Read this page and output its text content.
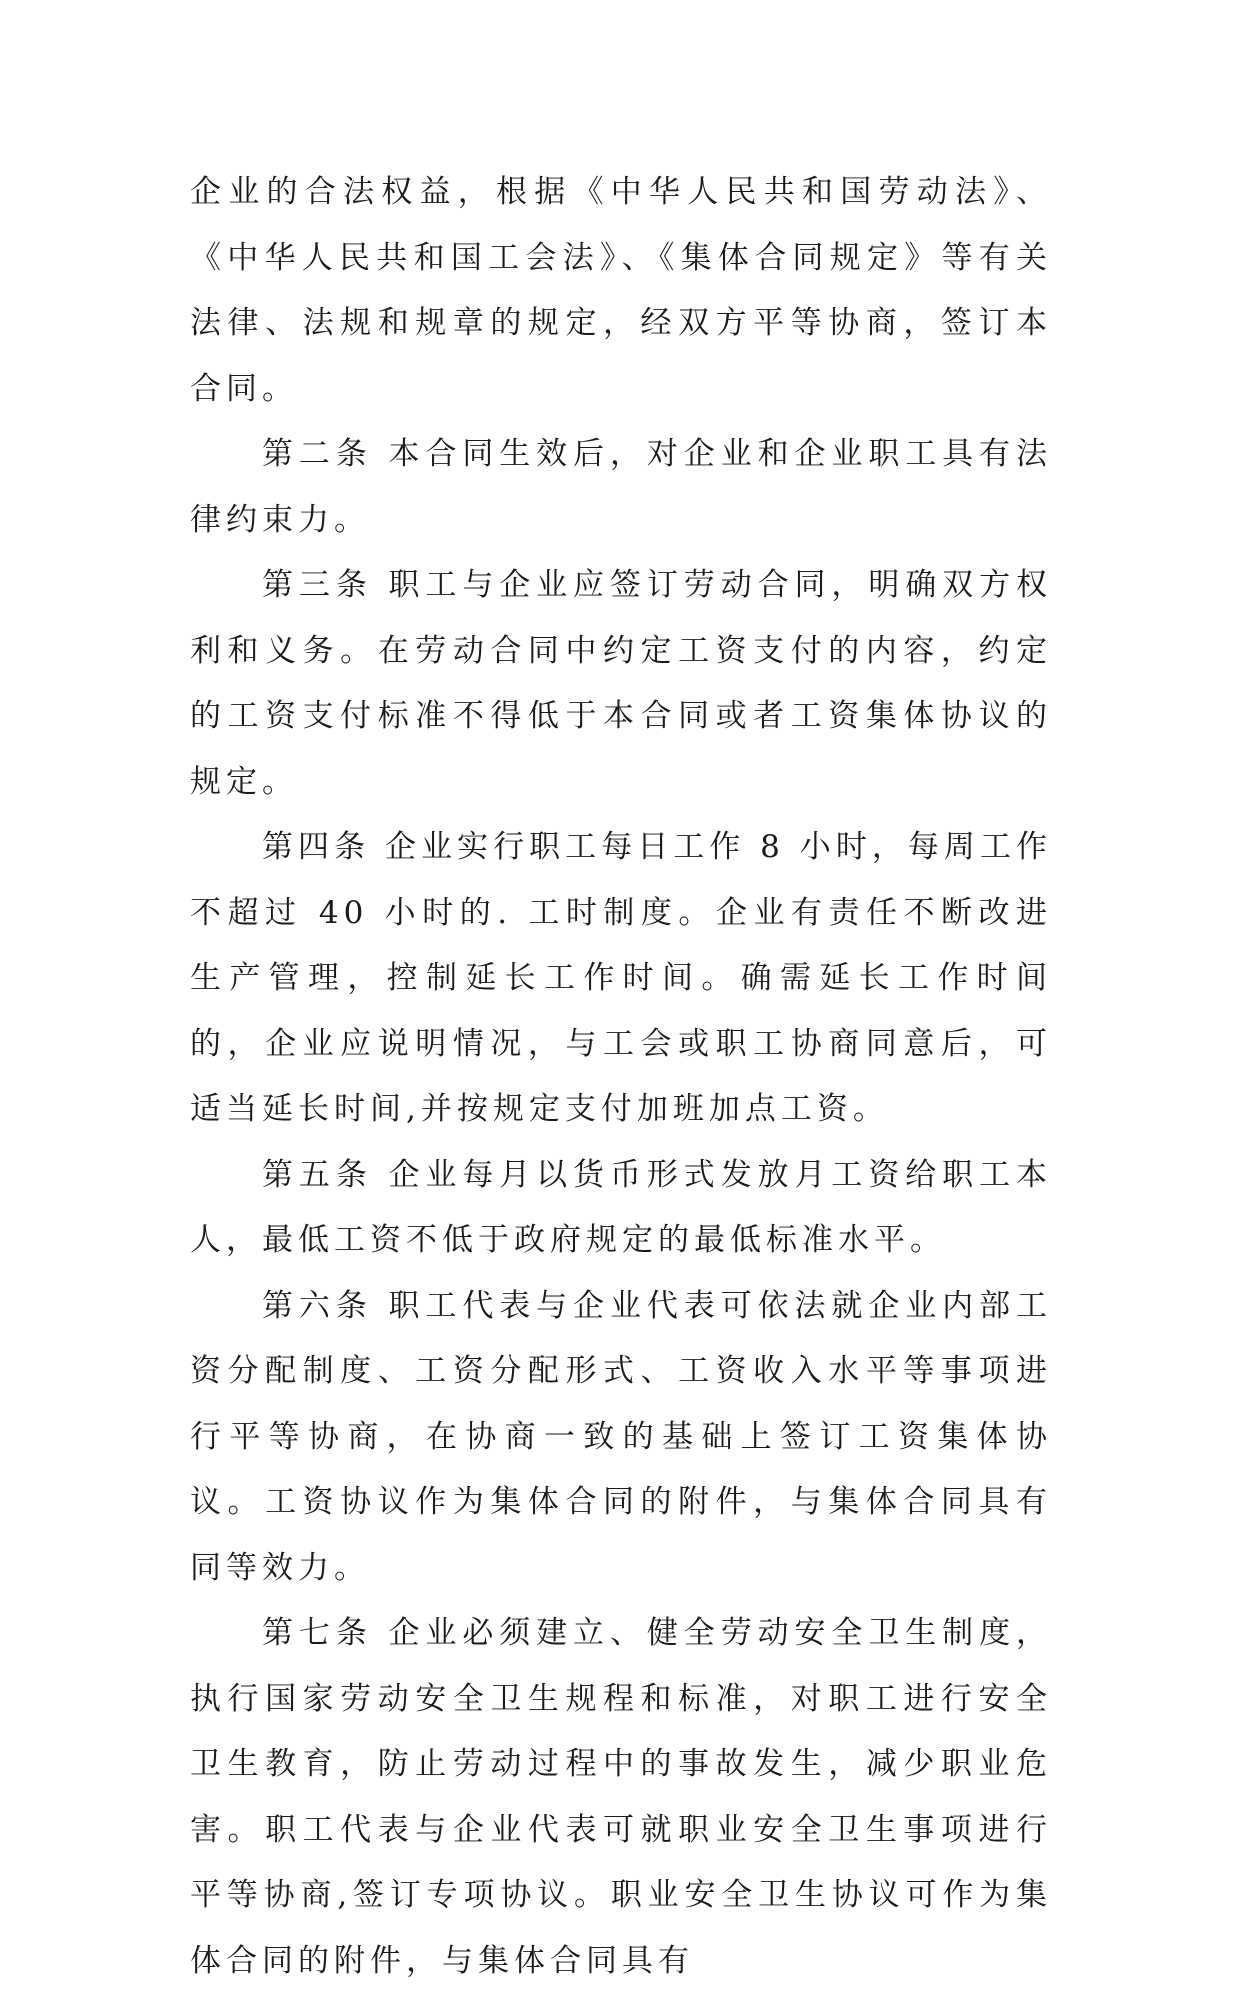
企业的合法权益，根据《中华人民共和国劳动法》、《中华人民共和国工会法》、《集体合同规定》等有关法律、法规和规章的规定，经双方平等协商，签订本合同。

第二条 本合同生效后，对企业和企业职工具有法律约束力。

第三条 职工与企业应签订劳动合同，明确双方权利和义务。在劳动合同中约定工资支付的内容，约定的工资支付标准不得低于本合同或者工资集体协议的规定。

第四条 企业实行职工每日工作 8 小时，每周工作不超过 40 小时的. 工时制度。企业有责任不断改进生产管理，控制延长工作时间。确需延长工作时间的，企业应说明情况，与工会或职工协商同意后，可适当延长时间,并按规定支付加班加点工资。

第五条 企业每月以货币形式发放月工资给职工本人，最低工资不低于政府规定的最低标准水平。

第六条 职工代表与企业代表可依法就企业内部工资分配制度、工资分配形式、工资收入水平等事项进行平等协商，在协商一致的基础上签订工资集体协议。工资协议作为集体合同的附件，与集体合同具有同等效力。

第七条 企业必须建立、健全劳动安全卫生制度，执行国家劳动安全卫生规程和标准，对职工进行安全卫生教育，防止劳动过程中的事故发生，减少职业危害。职工代表与企业代表可就职业安全卫生事项进行平等协商,签订专项协议。职业安全卫生协议可作为集体合同的附件，与集体合同具有
